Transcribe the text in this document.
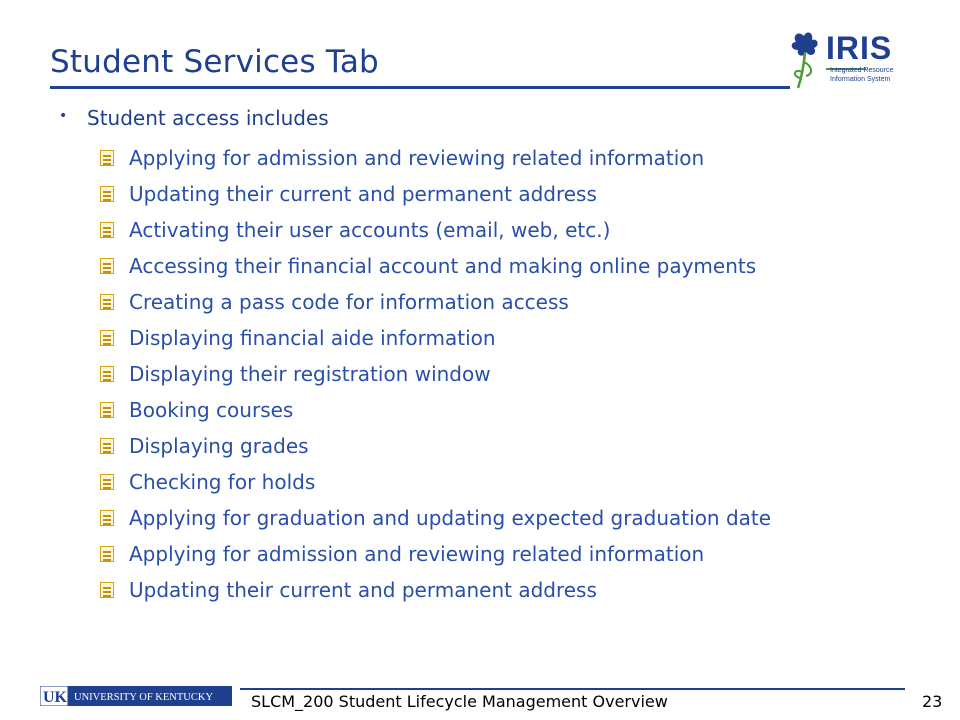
Student Services Tab	IRIS
Integrated Resource
Information System
• Student access includes
Applying for admission and reviewing related information
Updating their current and permanent address
Activating their user accounts (email, web, etc.)
Accessing their financial account and making online payments
Creating a pass code for information access
Displaying financial aide information
Displaying their registration window
Booking courses
Displaying grades
Checking for holds
Applying for graduation and updating expected graduation date
Applying for admission and reviewing related information
Updating their current and permanent address
UK UNIVERSITY OF KENTUCKY SLCM_200 Student Lifecycle Management Overview	23
